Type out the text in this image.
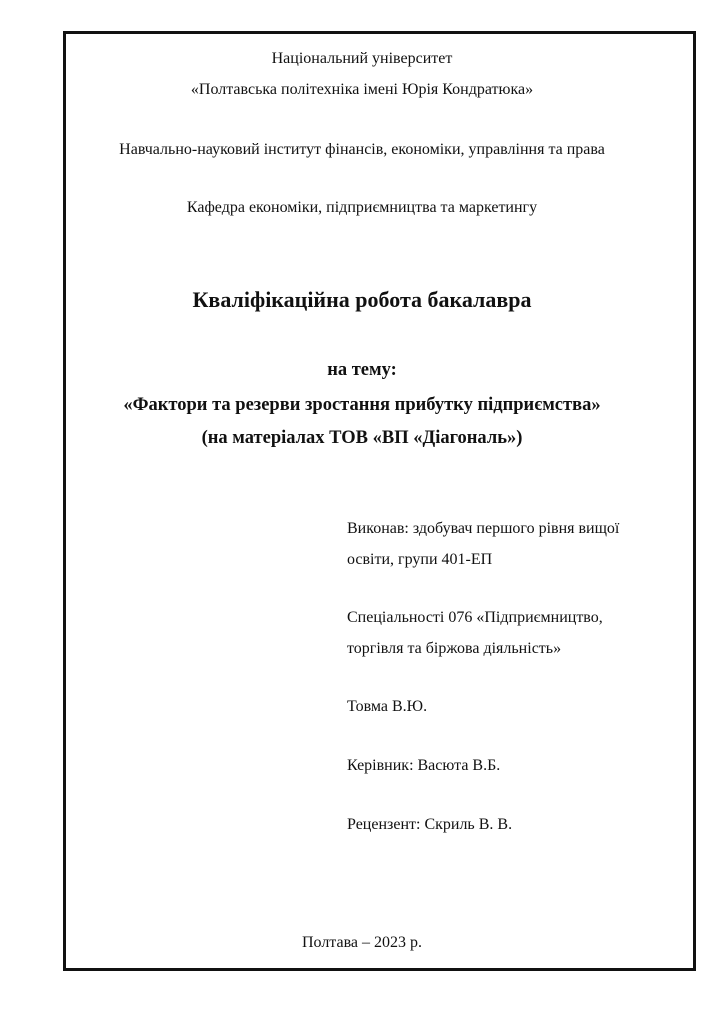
Національний університет
«Полтавська політехніка імені Юрія Кондратюка»
Навчально-науковий інститут фінансів, економіки, управління та права
Кафедра економіки, підприємництва та маркетингу
Кваліфікаційна робота бакалавра
на тему:
«Фактори та резерви зростання прибутку підприємства»
(на матеріалах ТОВ «ВП «Діагональ»)
Виконав: здобувач першого рівня вищої
освіти, групи 401-ЕП
Спеціальності 076 «Підприємництво,
торгівля та біржова діяльність»
Товма В.Ю.
Керівник: Васюта В.Б.
Рецензент: Скриль В. В.
Полтава – 2023 р.
